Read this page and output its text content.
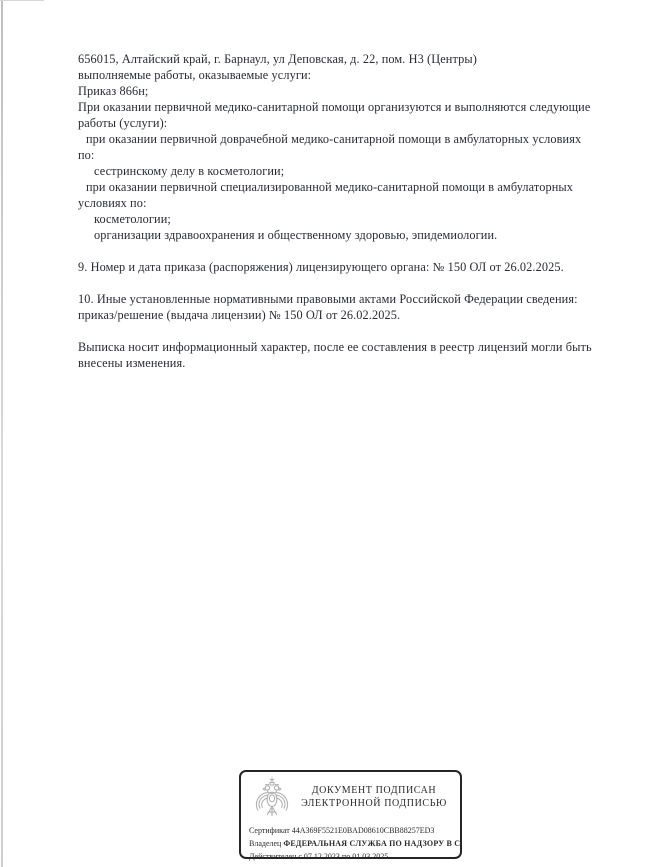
656015, Алтайский край, г. Барнаул, ул Деповская, д. 22, пом. Н3 (Центры)
выполняемые работы, оказываемые услуги:
Приказ 866н;
При оказании первичной медико-санитарной помощи организуются и выполняются следующие
работы (услуги):
при оказании первичной доврачебной медико-санитарной помощи в амбулаторных условиях
по:
сестринскому делу в косметологии;
при оказании первичной специализированной медико-санитарной помощи в амбулаторных
условиях по:
косметологии;
организации здравоохранения и общественному здоровью, эпидемиологии.
9. Номер и дата приказа (распоряжения) лицензирующего органа: № 150 ОЛ от 26.02.2025.
10. Иные установленные нормативными правовыми актами Российской Федерации сведения:
приказ/решение (выдача лицензии) № 150 ОЛ от 26.02.2025.
Выписка носит информационный характер, после ее составления в реестр лицензий могли быть
внесены изменения.
ДОКУМЕНТ ПОДПИСАН
ЭЛЕКТРОННОЙ ПОДПИСЬЮ
Сертификат 44A369F5521E0BAD08610CBB88257ED3
Владелец ФЕДЕРАЛЬНАЯ СЛУЖБА ПО НАДЗОРУ В С
Действителен с 07.12.2023 по 01.03.2025
